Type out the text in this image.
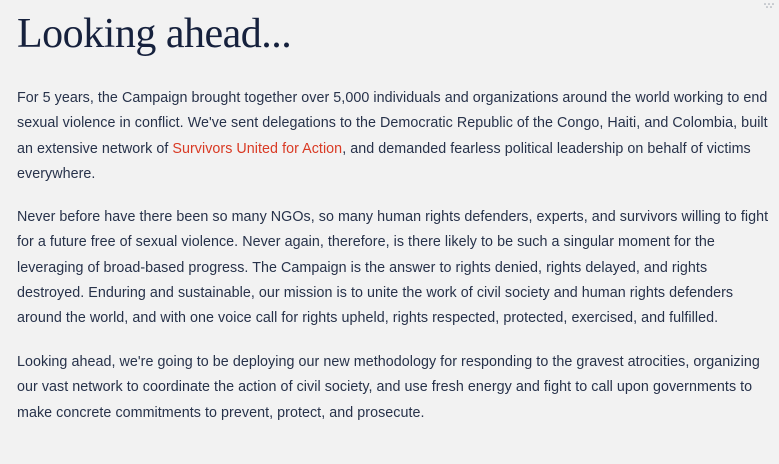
Looking ahead...

For 5 years, the Campaign brought together over 5,000 individuals and organizations around the world working to end sexual violence in conflict. We've sent delegations to the Democratic Republic of the Congo, Haiti, and Colombia, built an extensive network of Survivors United for Action, and demanded fearless political leadership on behalf of victims everywhere.

Never before have there been so many NGOs, so many human rights defenders, experts, and survivors willing to fight for a future free of sexual violence. Never again, therefore, is there likely to be such a singular moment for the leveraging of broad-based progress. The Campaign is the answer to rights denied, rights delayed, and rights destroyed. Enduring and sustainable, our mission is to unite the work of civil society and human rights defenders around the world, and with one voice call for rights upheld, rights respected, protected, exercised, and fulfilled.

Looking ahead, we're going to be deploying our new methodology for responding to the gravest atrocities, organizing our vast network to coordinate the action of civil society, and use fresh energy and fight to call upon governments to make concrete commitments to prevent, protect, and prosecute.
